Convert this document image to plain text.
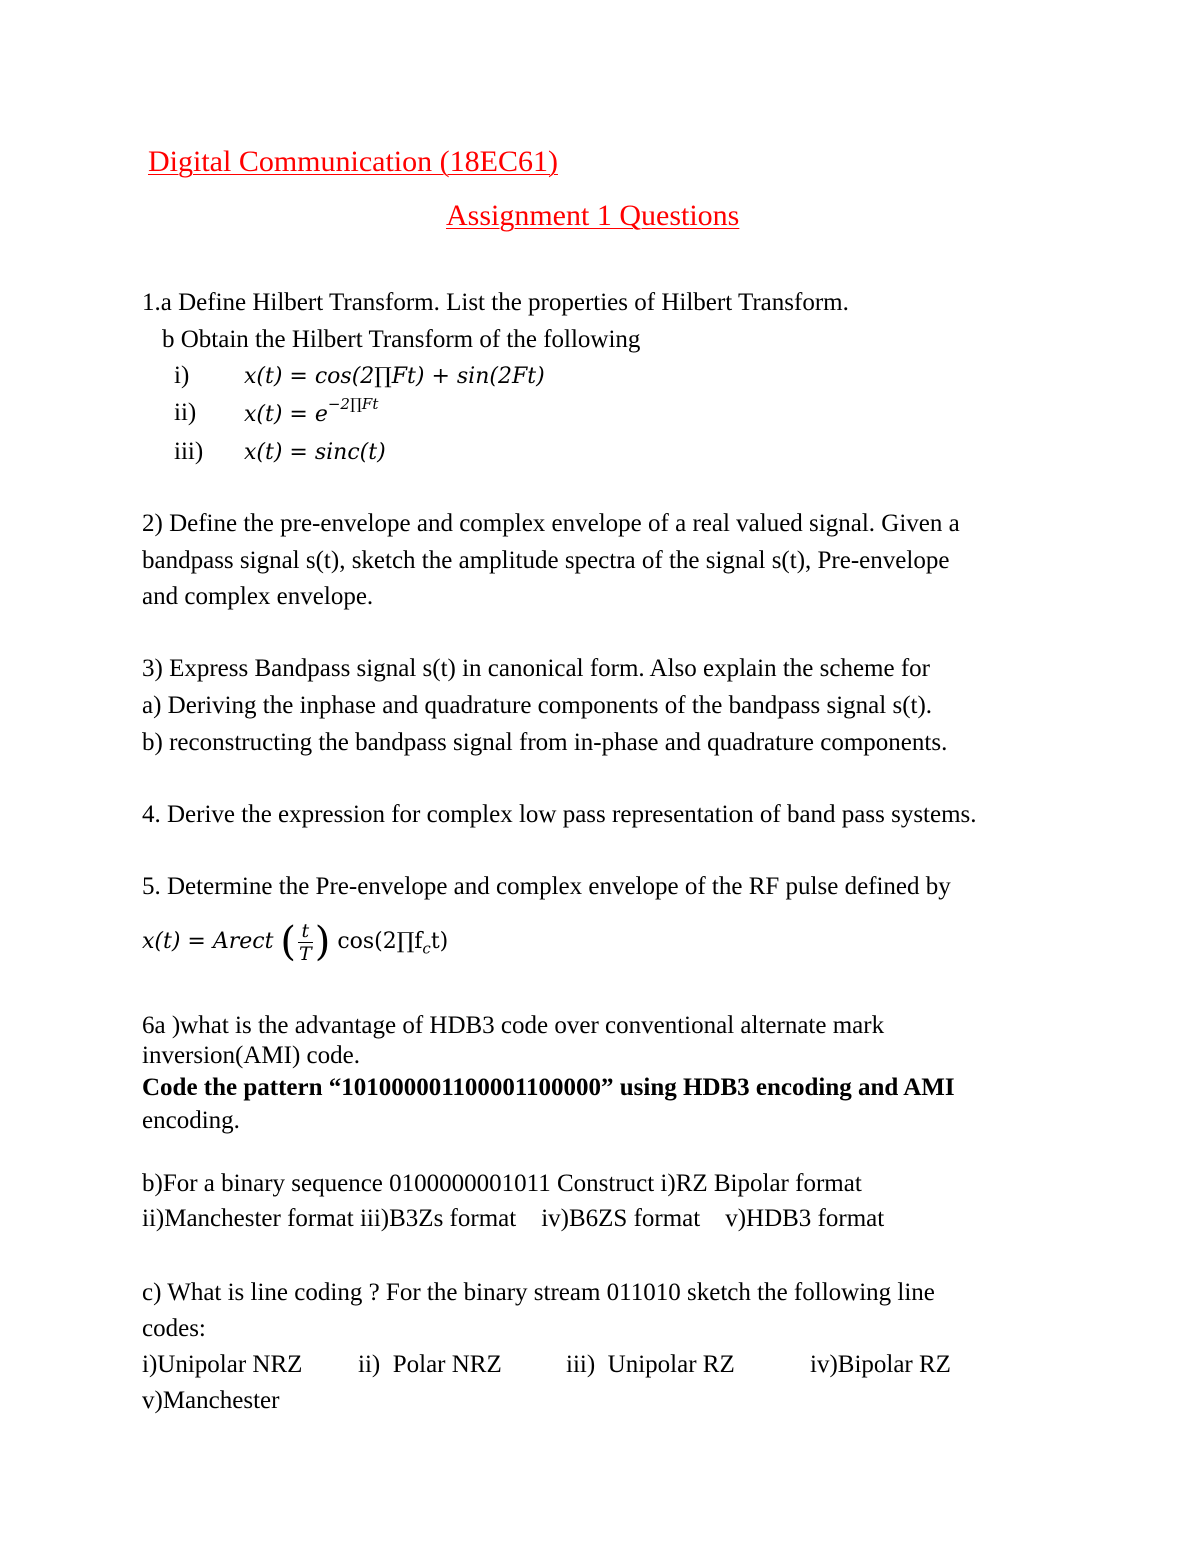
Digital Communication (18EC61)
Assignment 1 Questions
1.a Define Hilbert Transform. List the properties of Hilbert Transform.
b Obtain the Hilbert Transform of the following
i) x(t) = cos(2∏Ft) + sin(2Ft)
ii) $x(t) = e^{-2\prod Ft}$
iii) x(t) = sinc(t)
2) Define the pre-envelope and complex envelope of a real valued signal. Given a
bandpass signal s(t), sketch the amplitude spectra of the signal s(t), Pre-envelope
and complex envelope.
3) Express Bandpass signal s(t) in canonical form. Also explain the scheme for
a) Deriving the inphase and quadrature components of the bandpass signal s(t).
b) reconstructing the bandpass signal from in-phase and quadrature components.
4. Derive the expression for complex low pass representation of band pass systems.
5. Determine the Pre-envelope and complex envelope of the RF pulse defined by
x(t) = Arect ( $\frac{t}{T}$ ) $\cos(2\prod f_ct)$
6a )what is the advantage of HDB3 code over conventional alternate mark
inversion(AMI) code.
Code the pattern “101000001100001100000” using HDB3 encoding and AMI
encoding.
b)For a binary sequence 0100000001011 Construct i)RZ Bipolar format
ii)Manchester format iii)B3Zs format    iv)B6ZS format    v)HDB3 format
c) What is line coding ? For the binary stream 011010 sketch the following line
codes:
i)Unipolar NRZ ii)  Polar NRZ	iii)  Unipolar RZ	iv)Bipolar RZ
v)Manchester
